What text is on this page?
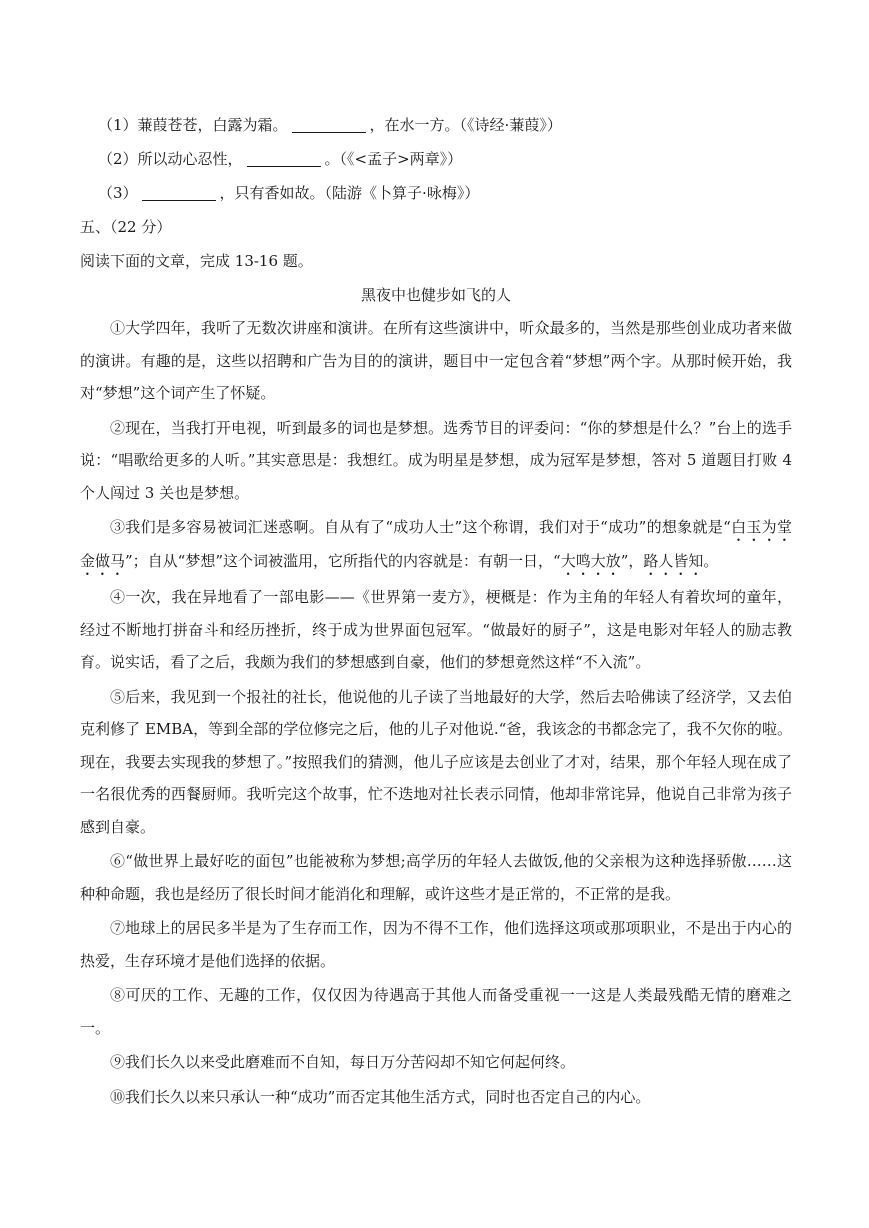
（1）蒹葭苍苍，白露为霜。	，在水一方。（《诗经·蒹葭》）

（2）所以动心忍性，	。（《<孟子>两章》）

（3）	，只有香如故。（陆游《卜算子·咏梅》）

五、（22 分）

阅读下面的文章，完成 13-16 题。

黑夜中也健步如飞的人

①大学四年，我听了无数次讲座和演讲。在所有这些演讲中，听众最多的，当然是那些创业成功者来做的演讲。有趣的是，这些以招聘和广告为目的的演讲，题目中一定包含着“梦想”两个字。从那时候开始，我对“梦想”这个词产生了怀疑。

②现在，当我打开电视，听到最多的词也是梦想。选秀节目的评委问：“你的梦想是什么？”台上的选手说：“唱歌给更多的人听。”其实意思是：我想红。成为明星是梦想，成为冠军是梦想，答对 5 道题目打败 4 个人闯过 3 关也是梦想。

③我们是多容易被词汇迷惑啊。自从有了“成功人士”这个称谓，我们对于“成功”的想象就是“白玉为堂金做马”；自从“梦想”这个词被滥用，它所指代的内容就是：有朝一日，“大鸣大放”，路人皆知。

④一次，我在异地看了一部电影——《世界第一麦方》，梗概是：作为主角的年轻人有着坎坷的童年，经过不断地打拼奋斗和经历挫折，终于成为世界面包冠军。“做最好的厨子”，这是电影对年轻人的励志教育。说实话，看了之后，我颇为我们的梦想感到自豪，他们的梦想竟然这样“不入流”。

⑤后来，我见到一个报社的社长，他说他的儿子读了当地最好的大学，然后去哈佛读了经济学，又去伯克利修了 EMBA，等到全部的学位修完之后，他的儿子对他说.“爸，我该念的书都念完了，我不欠你的啦。现在，我要去实现我的梦想了。”按照我们的猜测，他儿子应该是去创业了才对，结果，那个年轻人现在成了一名很优秀的西餐厨师。我听完这个故事，忙不迭地对社长表示同情，他却非常诧异，他说自己非常为孩子感到自豪。

⑥“做世界上最好吃的面包”也能被称为梦想;高学历的年轻人去做饭,他的父亲根为这种选择骄傲……这种种命题，我也是经历了很长时间才能消化和理解，或许这些才是正常的，不正常的是我。

⑦地球上的居民多半是为了生存而工作，因为不得不工作，他们选择这项或那项职业，不是出于内心的热爱，生存环境才是他们选择的依据。

⑧可厌的工作、无趣的工作，仅仅因为待遇高于其他人而备受重视一一这是人类最残酷无情的磨难之一。

⑨我们长久以来受此磨难而不自知，每日万分苦闷却不知它何起何终。

⑩我们长久以来只承认一种“成功”而否定其他生活方式，同时也否定自己的内心。
